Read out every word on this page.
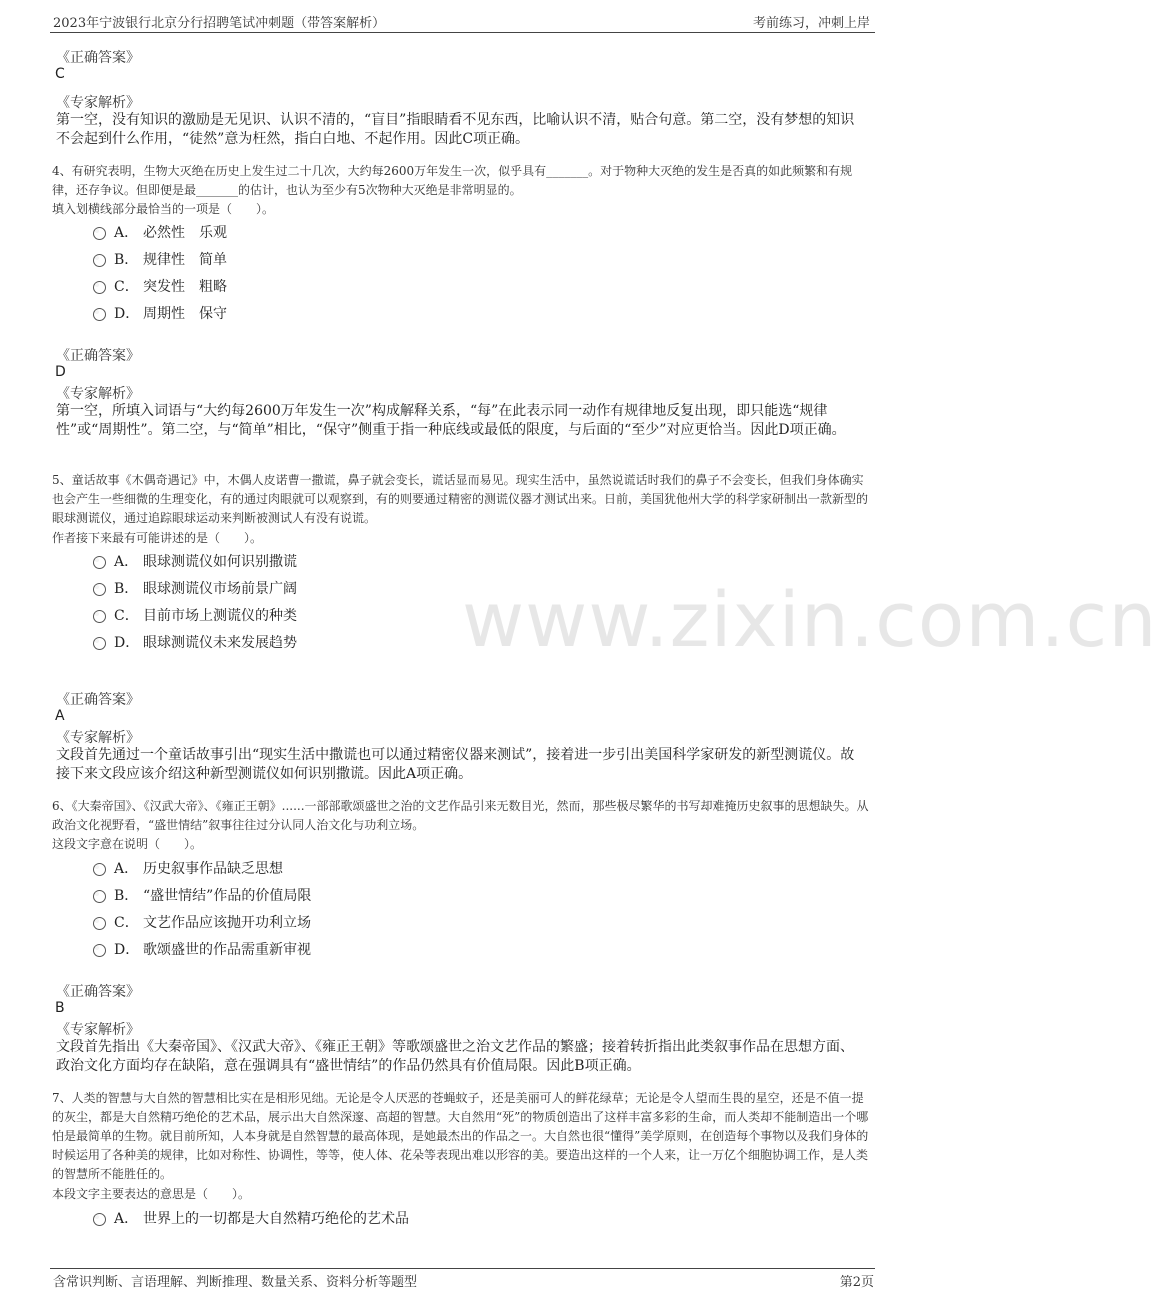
2023年宁波银行北京分行招聘笔试冲刺题（带答案解析）	考前练习，冲刺上岸
www.zixin.com.cn
《正确答案》
C
《专家解析》
第一空，没有知识的激励是无见识、认识不清的，“盲目”指眼睛看不见东西，比喻认识不清，贴合句意。第二空，没有梦想的知识不会起到什么作用，“徒然”意为枉然，指白白地、不起作用。因此C项正确。
4、有研究表明，生物大灭绝在历史上发生过二十几次，大约每2600万年发生一次，似乎具有_______。对于物种大灭绝的发生是否真的如此频繁和有规律，还存争议。但即便是最_______的估计，也认为至少有5次物种大灭绝是非常明显的。
填入划横线部分最恰当的一项是（　　）。
A． 必然性　乐观
B． 规律性　简单
C． 突发性　粗略
D． 周期性　保守
《正确答案》
D
《专家解析》
第一空，所填入词语与“大约每2600万年发生一次”构成解释关系，“每”在此表示同一动作有规律地反复出现，即只能选“规律性”或“周期性”。第二空，与“简单”相比，“保守”侧重于指一种底线或最低的限度，与后面的“至少”对应更恰当。因此D项正确。
5、童话故事《木偶奇遇记》中，木偶人皮诺曹一撒谎，鼻子就会变长，谎话显而易见。现实生活中，虽然说谎话时我们的鼻子不会变长，但我们身体确实也会产生一些细微的生理变化，有的通过肉眼就可以观察到，有的则要通过精密的测谎仪器才测试出来。日前，美国犹他州大学的科学家研制出一款新型的眼球测谎仪，通过追踪眼球运动来判断被测试人有没有说谎。
作者接下来最有可能讲述的是（　　）。
A． 眼球测谎仪如何识别撒谎
B． 眼球测谎仪市场前景广阔
C． 目前市场上测谎仪的种类
D． 眼球测谎仪未来发展趋势
《正确答案》
A
《专家解析》
文段首先通过一个童话故事引出“现实生活中撒谎也可以通过精密仪器来测试”，接着进一步引出美国科学家研发的新型测谎仪。故接下来文段应该介绍这种新型测谎仪如何识别撒谎。因此A项正确。
6、《大秦帝国》、《汉武大帝》、《雍正王朝》......一部部歌颂盛世之治的文艺作品引来无数目光，然而，那些极尽繁华的书写却难掩历史叙事的思想缺失。从政治文化视野看，“盛世情结”叙事往往过分认同人治文化与功利立场。
这段文字意在说明（　　）。
A． 历史叙事作品缺乏思想
B． “盛世情结”作品的价值局限
C． 文艺作品应该抛开功利立场
D． 歌颂盛世的作品需重新审视
《正确答案》
B
《专家解析》
文段首先指出《大秦帝国》、《汉武大帝》、《雍正王朝》等歌颂盛世之治文艺作品的繁盛；接着转折指出此类叙事作品在思想方面、政治文化方面均存在缺陷，意在强调具有“盛世情结”的作品仍然具有价值局限。因此B项正确。
7、人类的智慧与大自然的智慧相比实在是相形见绌。无论是令人厌恶的苍蝇蚊子，还是美丽可人的鲜花绿草；无论是令人望而生畏的星空，还是不值一提的灰尘，都是大自然精巧绝伦的艺术品，展示出大自然深邃、高超的智慧。大自然用“死”的物质创造出了这样丰富多彩的生命，而人类却不能制造出一个哪怕是最简单的生物。就目前所知，人本身就是自然智慧的最高体现，是她最杰出的作品之一。大自然也很“懂得”美学原则，在创造每个事物以及我们身体的时候运用了各种美的规律，比如对称性、协调性，等等，使人体、花朵等表现出难以形容的美。要造出这样的一个人来，让一万亿个细胞协调工作，是人类的智慧所不能胜任的。
本段文字主要表达的意思是（　　）。
A． 世界上的一切都是大自然精巧绝伦的艺术品
含常识判断、言语理解、判断推理、数量关系、资料分析等题型	第2页
